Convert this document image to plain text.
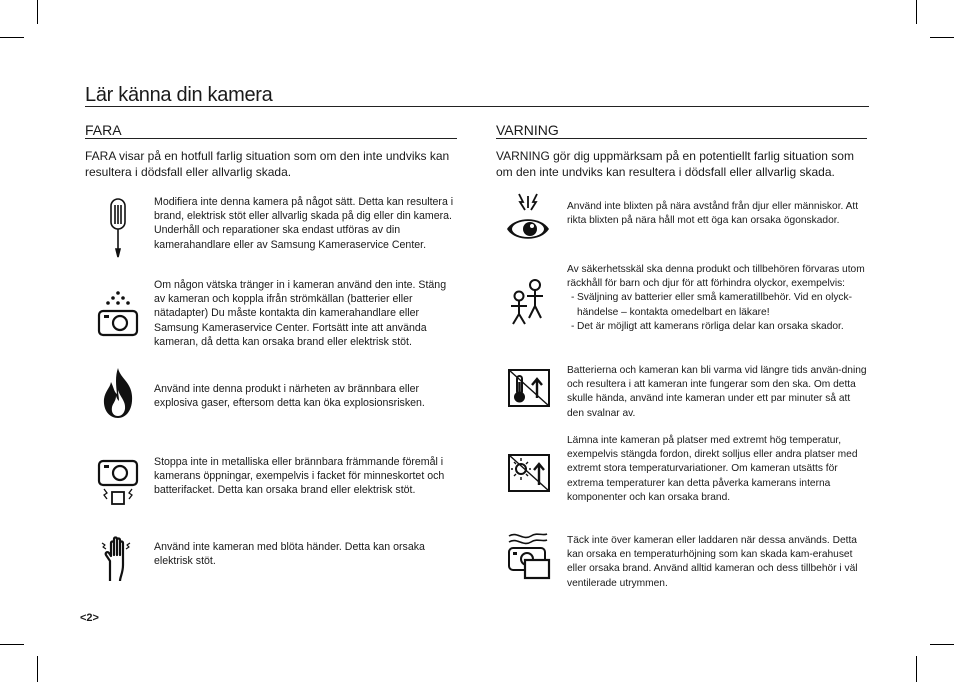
Lär känna din kamera
FARA

FARA visar på en hotfull farlig situation som om den inte undviks kan resultera i dödsfall eller allvarlig skada.

Modifiera inte denna kamera på något sätt. Detta kan resultera i brand, elektrisk stöt eller allvarlig skada på dig eller din kamera. Underhåll och reparationer ska endast utföras av din kamerahandlare eller av Samsung Kameraservice Center.

Om någon vätska tränger in i kameran använd den inte. Stäng av kameran och koppla ifrån strömkällan (batterier eller nätadapter) Du måste kontakta din kamerahandlare eller Samsung Kameraservice Center. Fortsätt inte att använda kameran, då detta kan orsaka brand eller elektrisk stöt.

Använd inte denna produkt i närheten av brännbara eller explosiva gaser, eftersom detta kan öka explosionsrisken.

Stoppa inte in metalliska eller brännbara främmande föremål i kamerans öppningar, exempelvis i facket för minneskortet och batterifacket. Detta kan orsaka brand eller elektrisk stöt.

Använd inte kameran med blöta händer. Detta kan orsaka elektrisk stöt.

VARNING

VARNING gör dig uppmärksam på en potentiellt farlig situation som om den inte undviks kan resultera i dödsfall eller allvarlig skada.

Använd inte blixten på nära avstånd från djur eller människor. Att rikta blixten på nära håll mot ett öga kan orsaka ögonskador.

Av säkerhetsskäl ska denna produkt och tillbehören förvaras utom räckhåll för barn och djur för att förhindra olyckor, exempelvis:

- Sväljning av batterier eller små kameratillbehör. Vid en olyck-händelse – kontakta omedelbart en läkare!
- Det är möjligt att kamerans rörliga delar kan orsaka skador.

Batterierna och kameran kan bli varma vid längre tids använ-dning och resultera i att kameran inte fungerar som den ska. Om detta skulle hända, använd inte kameran under ett par minuter så att den svalnar av.

Lämna inte kameran på platser med extremt hög temperatur, exempelvis stängda fordon, direkt solljus eller andra platser med extremt stora temperaturvariationer. Om kameran utsätts för extrema temperaturer kan detta påverka kamerans interna komponenter och kan orsaka brand.

Täck inte över kameran eller laddaren när dessa används. Detta kan orsaka en temperaturhöjning som kan skada kam-erahuset eller orsaka brand. Använd alltid kameran och dess tillbehör i väl ventilerade utrymmen.

<2>
